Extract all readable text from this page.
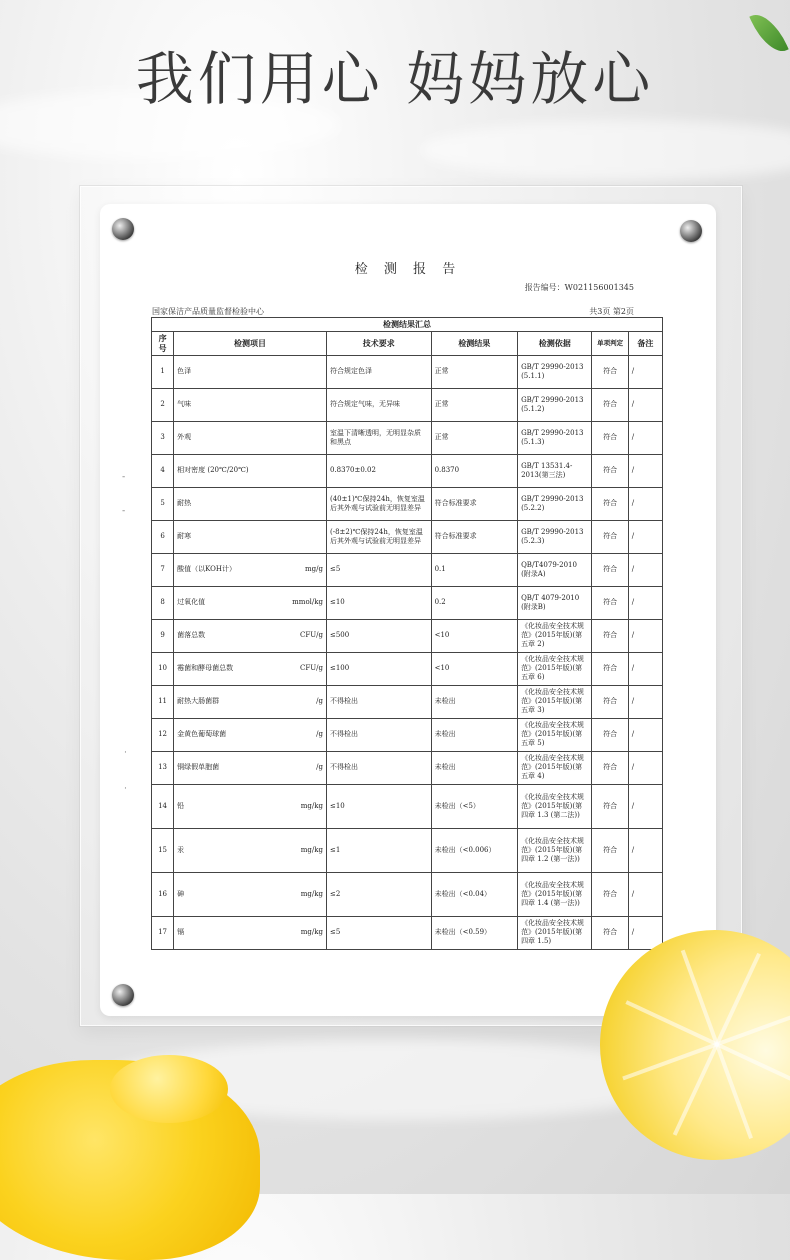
我们用心 妈妈放心
检 测 报 告
报告编号：W021156001345
国家保洁产品质量监督检验中心	共3页 第2页
检测结果汇总						
序号	检测项目	技术要求	检测结果	检测依据	单项判定	备注
1	色泽	符合规定色泽	正常	GB/T 29990-2013 (5.1.1)	符合	/
2	气味	符合规定气味，无异味	正常	GB/T 29990-2013 (5.1.2)	符合	/
3	外观	室温下清晰透明，无明显杂质和黑点	正常	GB/T 29990-2013 (5.1.3)	符合	/
4	相对密度 (20℃/20℃)	0.8370±0.02	0.8370	GB/T 13531.4-2013(第三法)	符合	/
5	耐热	(40±1)℃保持24h，恢复室温后其外观与试验前无明显差异	符合标准要求	GB/T 29990-2013 (5.2.2)	符合	/
6	耐寒	(-8±2)℃保持24h，恢复室温后其外观与试验前无明显差异	符合标准要求	GB/T 29990-2013 (5.2.3)	符合	/
7	酸值（以KOH计） mg/g	≤5	0.1	QB/T4079-2010 (附录A)	符合	/
8	过氧化值 mmol/kg	≤10	0.2	QB/T 4079-2010 (附录B)	符合	/
9	菌落总数 CFU/g	≤500	<10	《化妆品安全技术规范》(2015年版)(第五章 2)	符合	/
10	霉菌和酵母菌总数 CFU/g	≤100	<10	《化妆品安全技术规范》(2015年版)(第五章 6)	符合	/
11	耐热大肠菌群 /g	不得检出	未检出	《化妆品安全技术规范》(2015年版)(第五章 3)	符合	/
12	金黄色葡萄球菌 /g	不得检出	未检出	《化妆品安全技术规范》(2015年版)(第五章 5)	符合	/
13	铜绿假单胞菌 /g	不得检出	未检出	《化妆品安全技术规范》(2015年版)(第五章 4)	符合	/
14	铅 mg/kg	≤10	未检出（<5）	《化妆品安全技术规范》(2015年版)(第四章 1.3 (第二法))	符合	/
15	汞 mg/kg	≤1	未检出（<0.006）	《化妆品安全技术规范》(2015年版)(第四章 1.2 (第一法))	符合	/
16	砷 mg/kg	≤2	未检出（<0.04）	《化妆品安全技术规范》(2015年版)(第四章 1.4 (第一法))	符合	/
17	镉 mg/kg	≤5	未检出（<0.59）	《化妆品安全技术规范》(2015年版)(第四章 1.5)	符合	/
-
-
·
·
